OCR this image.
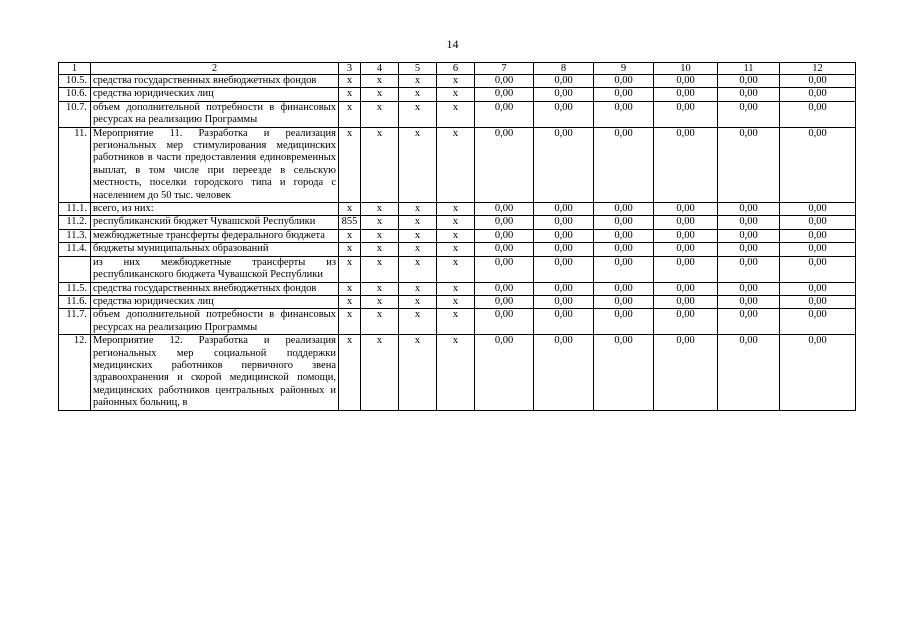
14
1	2	3	4	5	6	7	8	9	10	11	12
10.5.	средства государственных внебюджетных фондов	х	х	х	х	0,00	0,00	0,00	0,00	0,00	0,00
10.6.	средства юридических лиц	х	х	х	х	0,00	0,00	0,00	0,00	0,00	0,00
10.7.	объем дополнительной потребности в финансовых ресурсах на реализацию Программы	х	х	х	х	0,00	0,00	0,00	0,00	0,00	0,00
11.	Мероприятие 11. Разработка и реализация региональных мер стимулирования медицинских работников в части предоставления единовременных выплат, в том числе при переезде в сельскую местность, поселки городского типа и города с населением до 50 тыс. человек	х	х	х	х	0,00	0,00	0,00	0,00	0,00	0,00
11.1.	всего, из них:	х	х	х	х	0,00	0,00	0,00	0,00	0,00	0,00
11.2.	республиканский бюджет Чувашской Республики	855	х	х	х	0,00	0,00	0,00	0,00	0,00	0,00
11.3.	межбюджетные трансферты федерального бюджета	х	х	х	х	0,00	0,00	0,00	0,00	0,00	0,00
11.4.	бюджеты муниципальных образований	х	х	х	х	0,00	0,00	0,00	0,00	0,00	0,00
	из них межбюджетные трансферты из республиканского бюджета Чувашской Республики	х	х	х	х	0,00	0,00	0,00	0,00	0,00	0,00
11.5.	средства государственных внебюджетных фондов	х	х	х	х	0,00	0,00	0,00	0,00	0,00	0,00
11.6.	средства юридических лиц	х	х	х	х	0,00	0,00	0,00	0,00	0,00	0,00
11.7.	объем дополнительной потребности в финансовых ресурсах на реализацию Программы	х	х	х	х	0,00	0,00	0,00	0,00	0,00	0,00
12.	Мероприятие 12. Разработка и реализация региональных мер социальной поддержки медицинских работников первичного звена здравоохранения и скорой медицинской помощи, медицинских работников центральных районных и районных больниц, в	х	х	х	х	0,00	0,00	0,00	0,00	0,00	0,00
